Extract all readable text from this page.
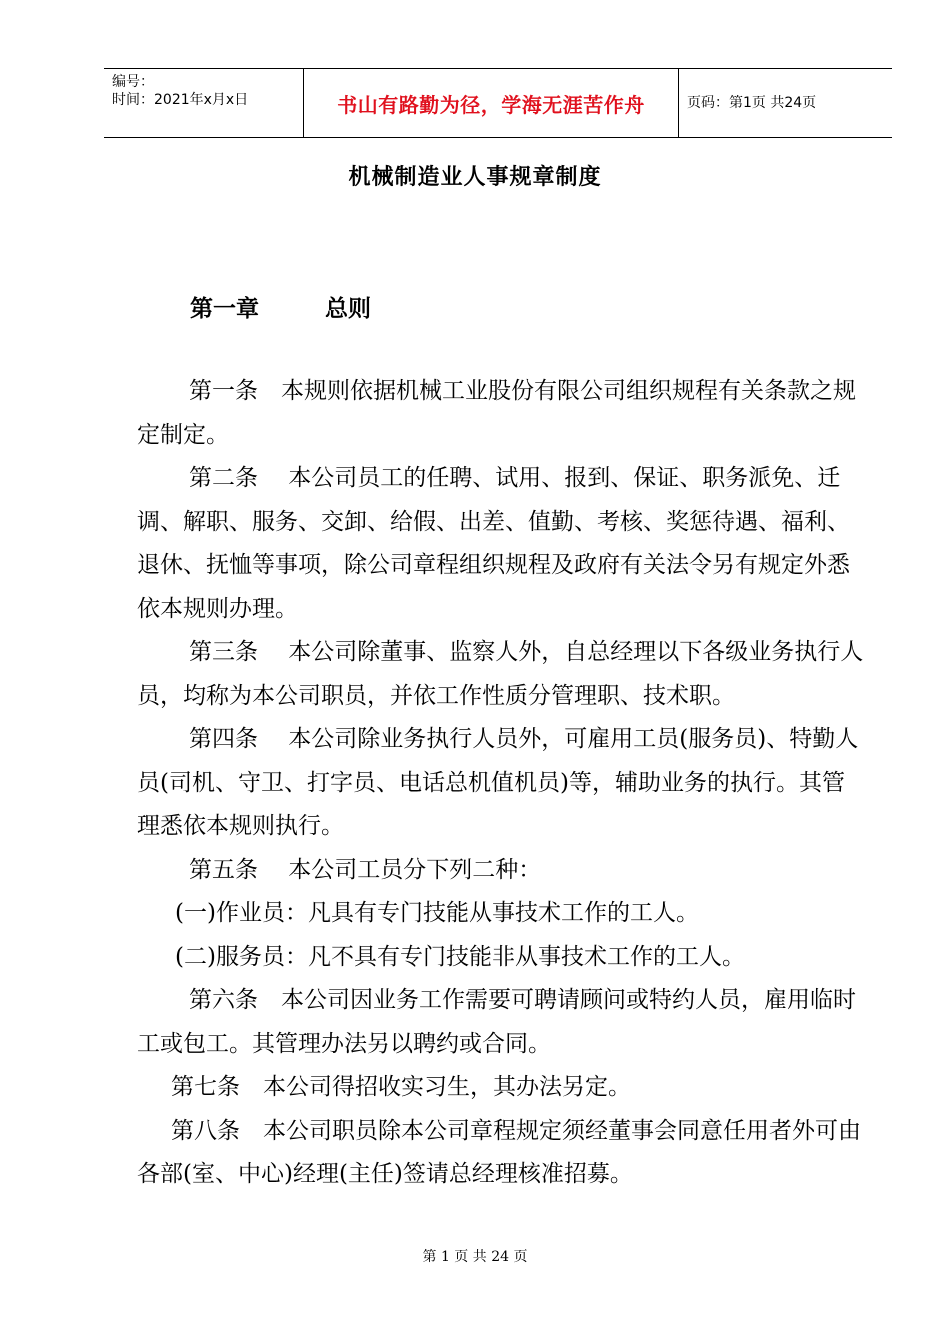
编号：
时间：2021年x月x日	书山有路勤为径，学海无涯苦作舟	页码：第1页 共24页
机械制造业人事规章制度
第一章	总则

第一条　本规则依据机械工业股份有限公司组织规程有关条款之规定制定。

第二条　 本公司员工的任聘、试用、报到、保证、职务派免、迁调、解职、服务、交卸、给假、出差、值勤、考核、奖惩待遇、福利、退休、抚恤等事项，除公司章程组织规程及政府有关法令另有规定外悉依本规则办理。

第三条　 本公司除董事、监察人外，自总经理以下各级业务执行人员，均称为本公司职员，并依工作性质分管理职、技术职。

第四条　 本公司除业务执行人员外，可雇用工员(服务员)、特勤人员(司机、守卫、打字员、电话总机值机员)等，辅助业务的执行。其管理悉依本规则执行。

第五条　 本公司工员分下列二种：

(一)作业员：凡具有专门技能从事技术工作的工人。

(二)服务员：凡不具有专门技能非从事技术工作的工人。

第六条　本公司因业务工作需要可聘请顾问或特约人员，雇用临时工或包工。其管理办法另以聘约或合同。

第七条　本公司得招收实习生，其办法另定。

第八条　本公司职员除本公司章程规定须经董事会同意任用者外可由各部(室、中心)经理(主任)签请总经理核准招募。

第 1 页 共 24 页
